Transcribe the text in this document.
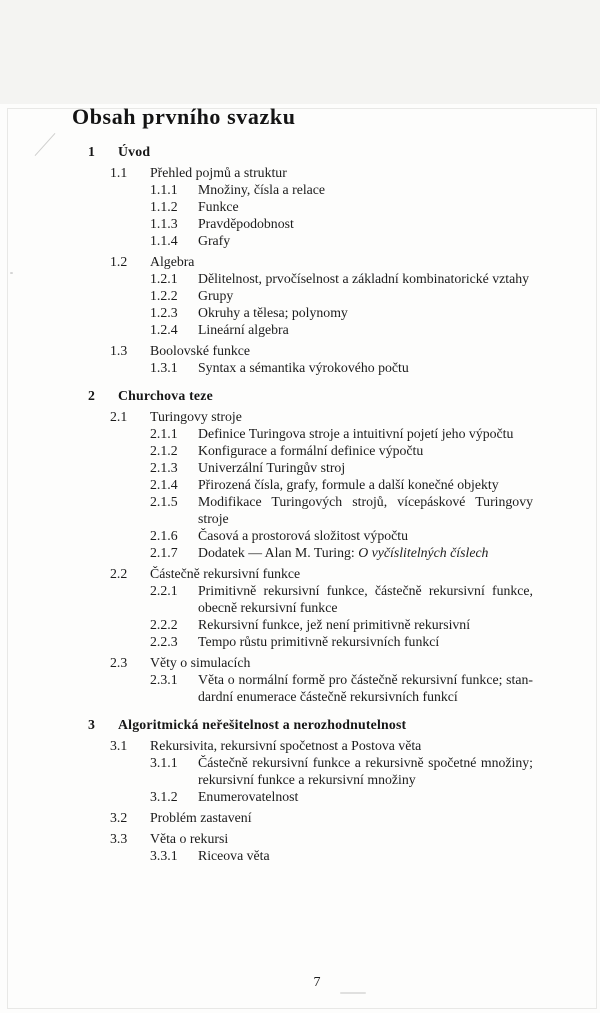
Obsah prvního svazku
1	Úvod
1.1	Přehled pojmů a struktur
1.1.1	Množiny, čísla a relace
1.1.2	Funkce
1.1.3	Pravděpodobnost
1.1.4	Grafy
1.2	Algebra
1.2.1	Dělitelnost, prvočíselnost a základní kombinatorické vztahy
1.2.2	Grupy
1.2.3	Okruhy a tělesa; polynomy
1.2.4	Lineární algebra
1.3	Boolovské funkce
1.3.1	Syntax a sémantika výrokového počtu
2	Churchova teze
2.1	Turingovy stroje
2.1.1	Definice Turingova stroje a intuitivní pojetí jeho výpočtu
2.1.2	Konfigurace a formální definice výpočtu
2.1.3	Univerzální Turingův stroj
2.1.4	Přirozená čísla, grafy, formule a další konečné objekty
2.1.5	Modifikace Turingových strojů, vícepáskové Turingovy
stroje
2.1.6	Časová a prostorová složitost výpočtu
2.1.7	Dodatek — Alan M. Turing: O vyčíslitelných číslech
2.2	Částečně rekursivní funkce
2.2.1	Primitivně rekursivní funkce, částečně rekursivní funkce,
obecně rekursivní funkce
2.2.2	Rekursivní funkce, jež není primitivně rekursivní
2.2.3	Tempo růstu primitivně rekursivních funkcí
2.3	Věty o simulacích
2.3.1	Věta o normální formě pro částečně rekursivní funkce; stan-
dardní enumerace částečně rekursivních funkcí
3	Algoritmická neřešitelnost a nerozhodnutelnost
3.1	Rekursivita, rekursivní spočetnost a Postova věta
3.1.1	Částečně rekursivní funkce a rekursivně spočetné množiny;
rekursivní funkce a rekursivní množiny
3.1.2	Enumerovatelnost
3.2	Problém zastavení
3.3	Věta o rekursi
3.3.1	Riceova věta
7
